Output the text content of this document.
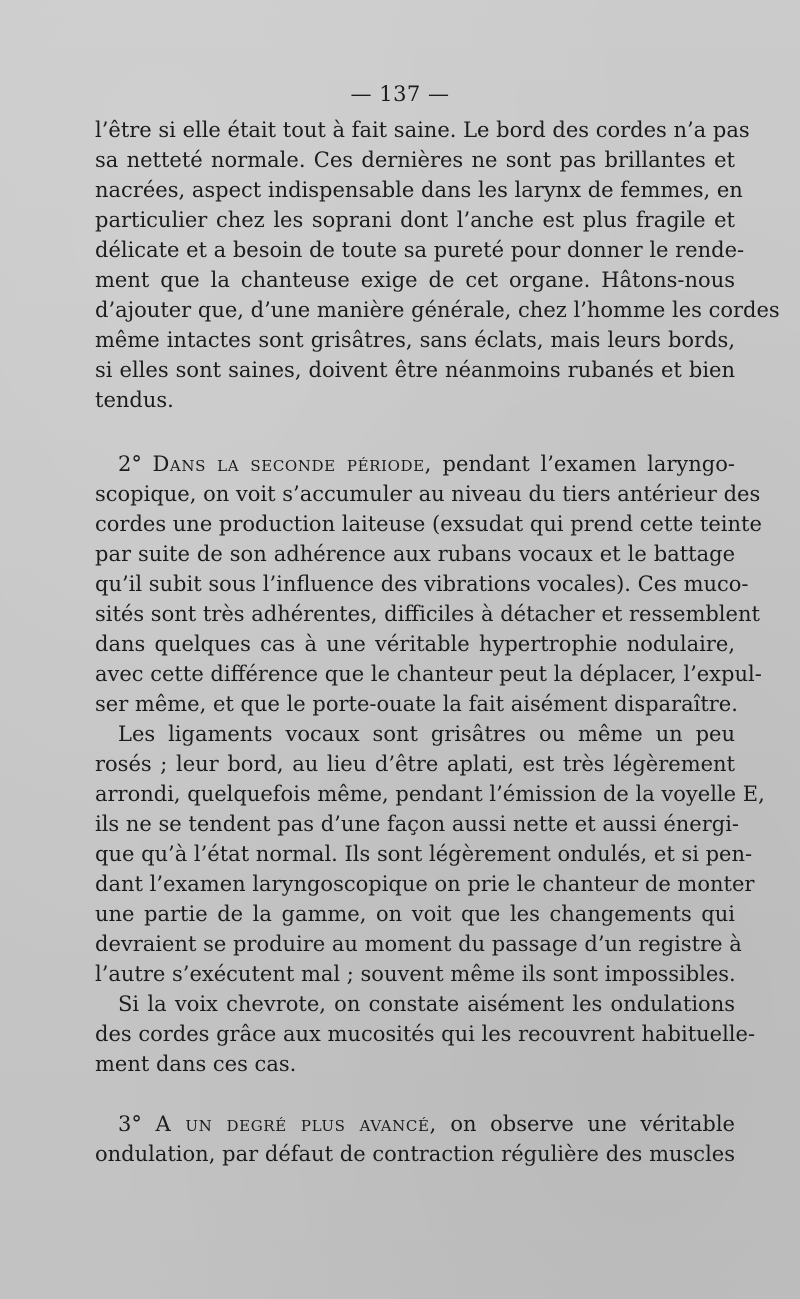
— 137 —
l’être si elle était tout à fait saine. Le bord des cordes n’a pas
sa netteté normale. Ces dernières ne sont pas brillantes et
nacrées, aspect indispensable dans les larynx de femmes, en
particulier chez les soprani dont l’anche est plus fragile et
délicate et a besoin de toute sa pureté pour donner le rende-
ment que la chanteuse exige de cet organe. Hâtons-nous
d’ajouter que, d’une manière générale, chez l’homme les cordes
même intactes sont grisâtres, sans éclats, mais leurs bords,
si elles sont saines, doivent être néanmoins rubanés et bien
tendus.
2° Dans la seconde période, pendant l’examen laryngo-
scopique, on voit s’accumuler au niveau du tiers antérieur des
cordes une production laiteuse (exsudat qui prend cette teinte
par suite de son adhérence aux rubans vocaux et le battage
qu’il subit sous l’influence des vibrations vocales). Ces muco-
sités sont très adhérentes, difficiles à détacher et ressemblent
dans quelques cas à une véritable hypertrophie nodulaire,
avec cette différence que le chanteur peut la déplacer, l’expul-
ser même, et que le porte-ouate la fait aisément disparaître.
Les ligaments vocaux sont grisâtres ou même un peu
rosés ; leur bord, au lieu d’être aplati, est très légèrement
arrondi, quelquefois même, pendant l’émission de la voyelle E,
ils ne se tendent pas d’une façon aussi nette et aussi énergi-
que qu’à l’état normal. Ils sont légèrement ondulés, et si pen-
dant l’examen laryngoscopique on prie le chanteur de monter
une partie de la gamme, on voit que les changements qui
devraient se produire au moment du passage d’un registre à
l’autre s’exécutent mal ; souvent même ils sont impossibles.
Si la voix chevrote, on constate aisément les ondulations
des cordes grâce aux mucosités qui les recouvrent habituelle-
ment dans ces cas.
3° A un degré plus avancé, on observe une véritable
ondulation, par défaut de contraction régulière des muscles
